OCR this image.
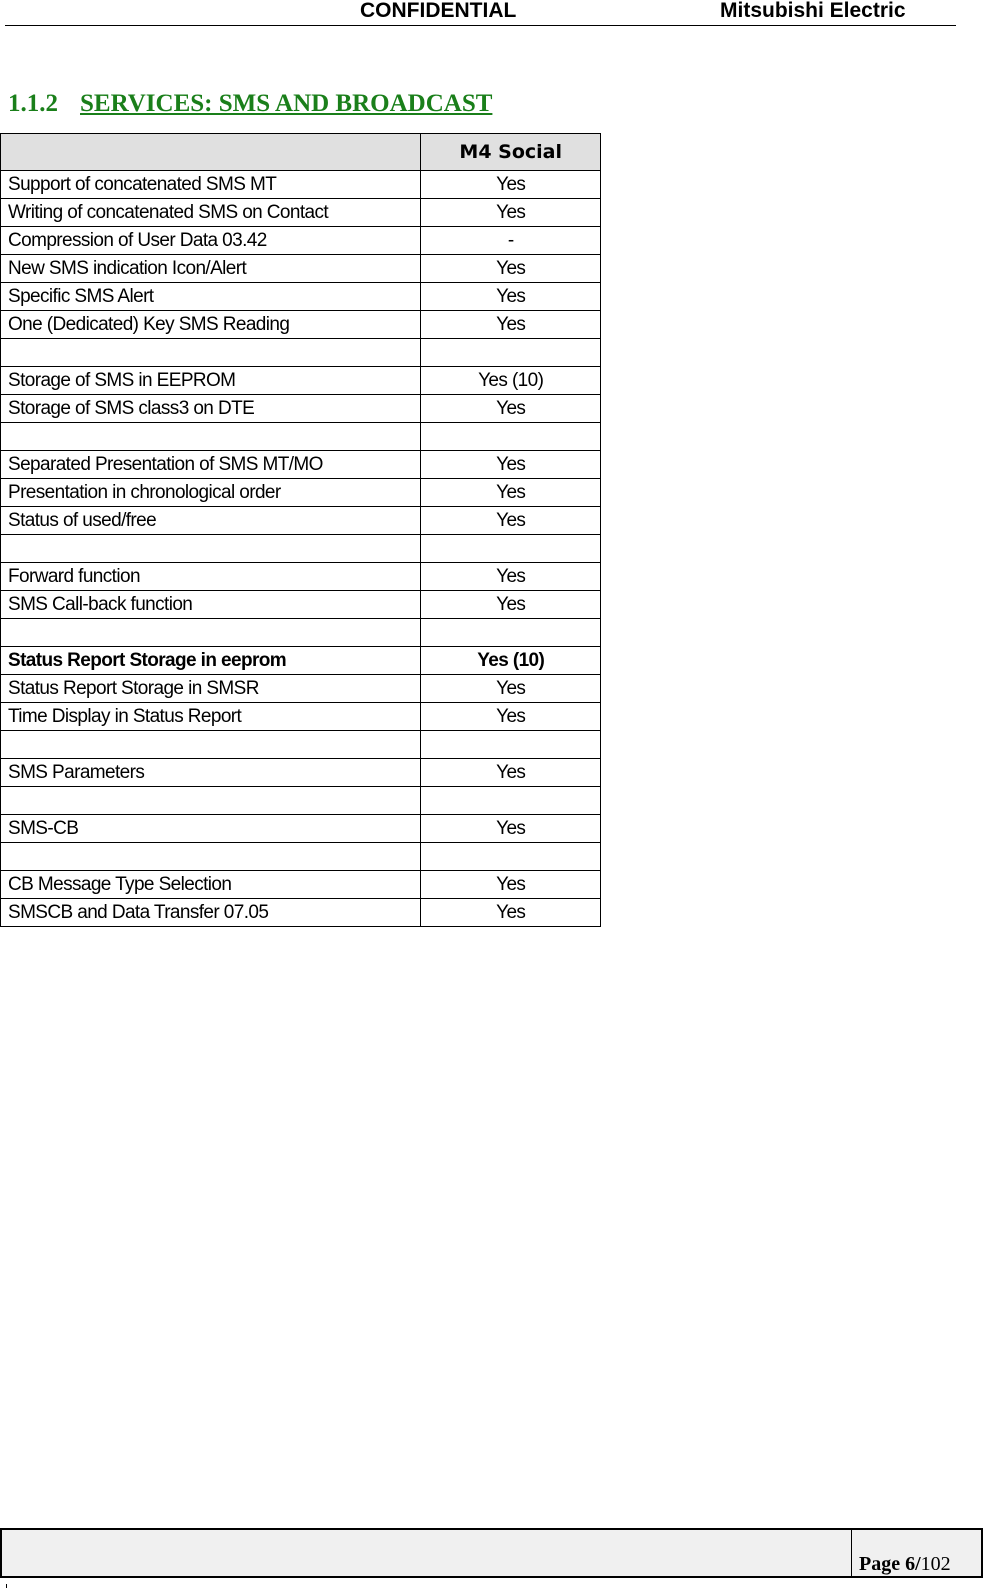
CONFIDENTIAL	Mitsubishi Electric
1.1.2 SERVICES: SMS AND BROADCAST
	M4 Social
Support of concatenated SMS MT	Yes
Writing of concatenated SMS on Contact	Yes
Compression of User Data 03.42	-
New SMS indication Icon/Alert	Yes
Specific SMS Alert	Yes
One (Dedicated) Key SMS Reading	Yes

Storage of SMS in EEPROM	Yes (10)
Storage of SMS class3 on DTE	Yes

Separated Presentation of SMS MT/MO	Yes
Presentation in chronological order	Yes
Status of used/free	Yes

Forward function	Yes
SMS Call-back function	Yes

Status Report Storage in eeprom	Yes (10)
Status Report Storage in SMSR	Yes
Time Display in Status Report	Yes

SMS Parameters	Yes

SMS-CB	Yes

CB Message Type Selection	Yes
SMSCB and Data Transfer 07.05	Yes
Page 6/102
